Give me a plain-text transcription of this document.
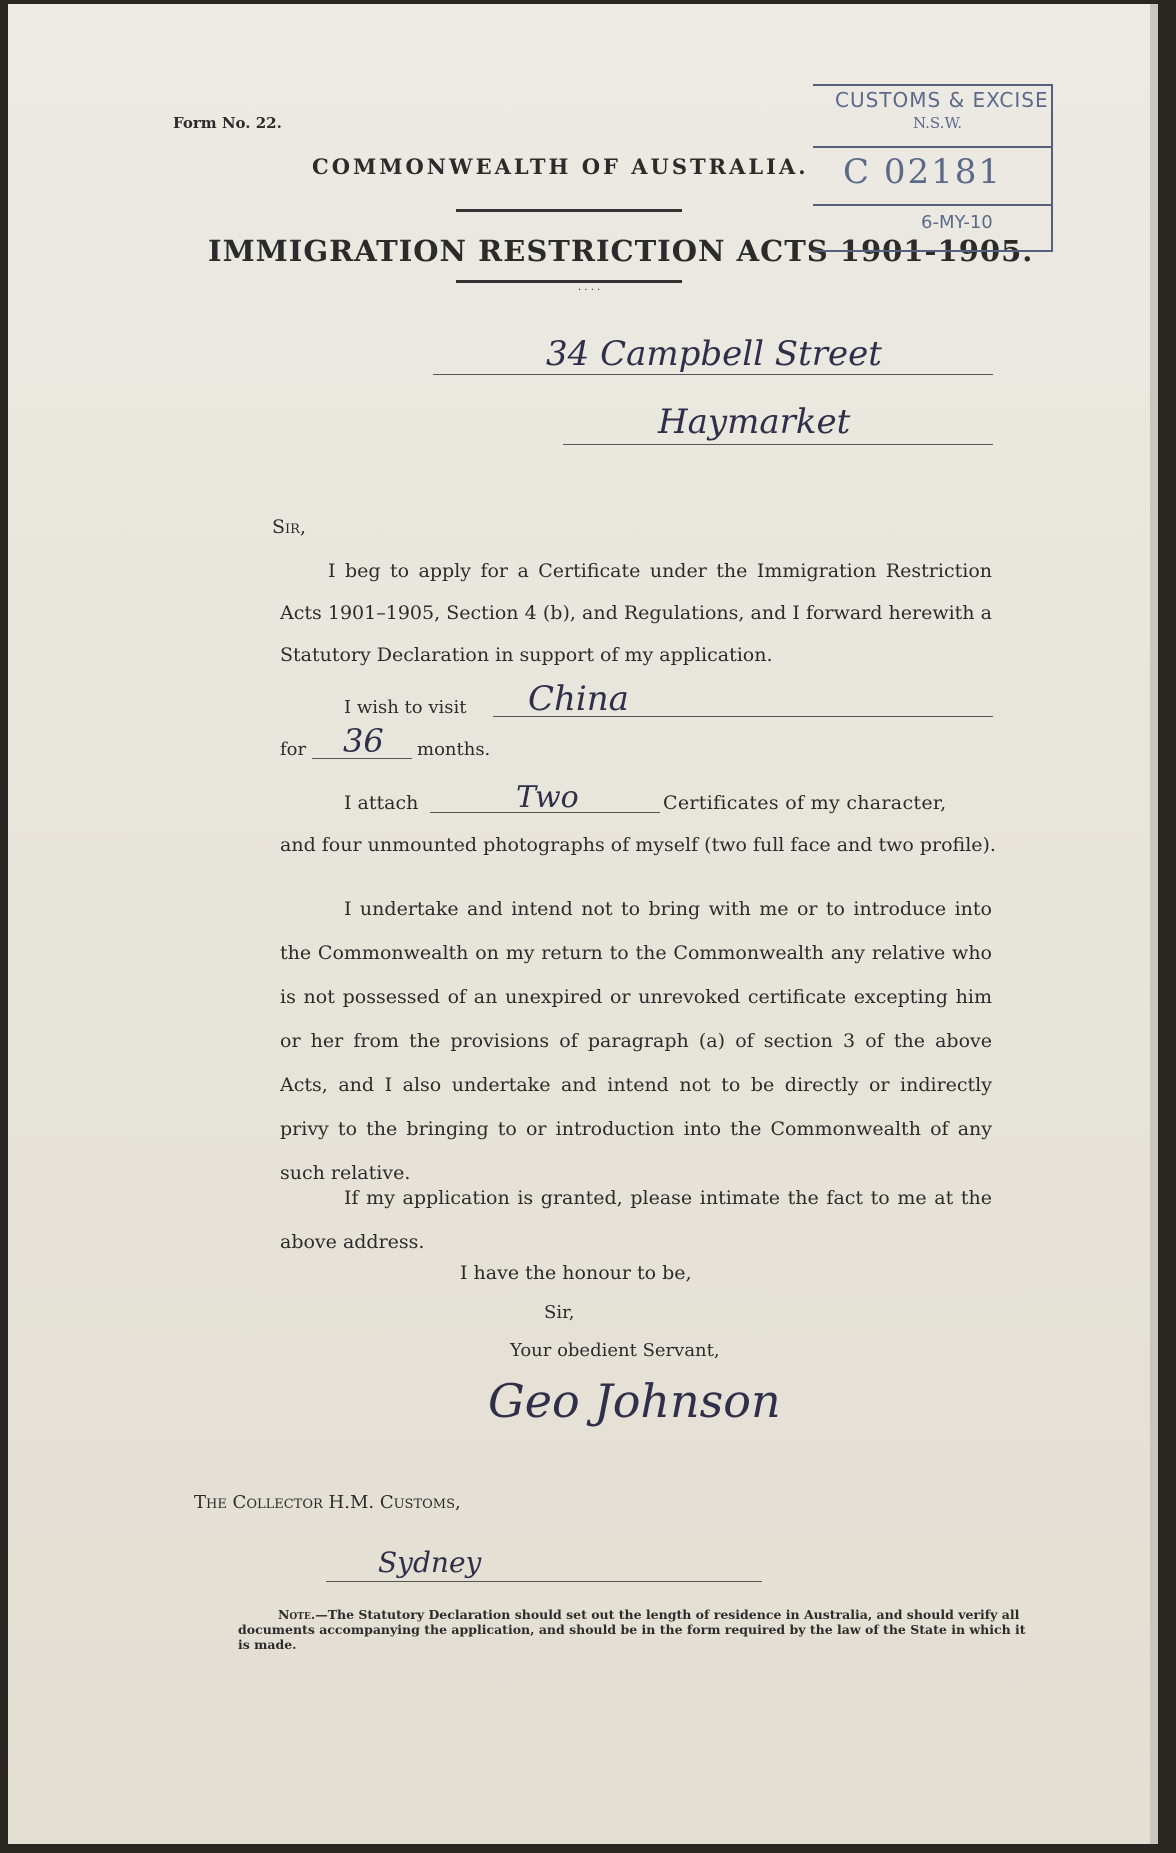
Form No. 22.
COMMONWEALTH OF AUSTRALIA.
IMMIGRATION RESTRICTION ACTS 1901-1905.
· · · ·
CUSTOMS & EXCISE
N.S.W.
C 02181
6-MY-10
34 Campbell Street
Haymarket
Sir,
I beg to apply for a Certificate under the Immigration Restriction Acts 1901–1905, Section 4 (b), and Regulations, and I forward herewith a Statutory Declaration in support of my application.
I wish to visit China
for 36 months.
I attach	Two	Certificates of my character,
and four unmounted photographs of myself (two full face and two profile).
I undertake and intend not to bring with me or to introduce into the Commonwealth on my return to the Commonwealth any relative who is not possessed of an unexpired or unrevoked certificate excepting him or her from the provisions of paragraph (a) of section 3 of the above Acts, and I also undertake and intend not to be directly or indirectly privy to the bringing to or introduction into the Commonwealth of any such relative.
If my application is granted, please intimate the fact to me at the above address.
I have the honour to be,
Sir,
Your obedient Servant,
Geo Johnson
The Collector H.M. Customs,
Sydney
Note.—The Statutory Declaration should set out the length of residence in Australia, and should verify all documents accompanying the application, and should be in the form required by the law of the State in which it is made.
